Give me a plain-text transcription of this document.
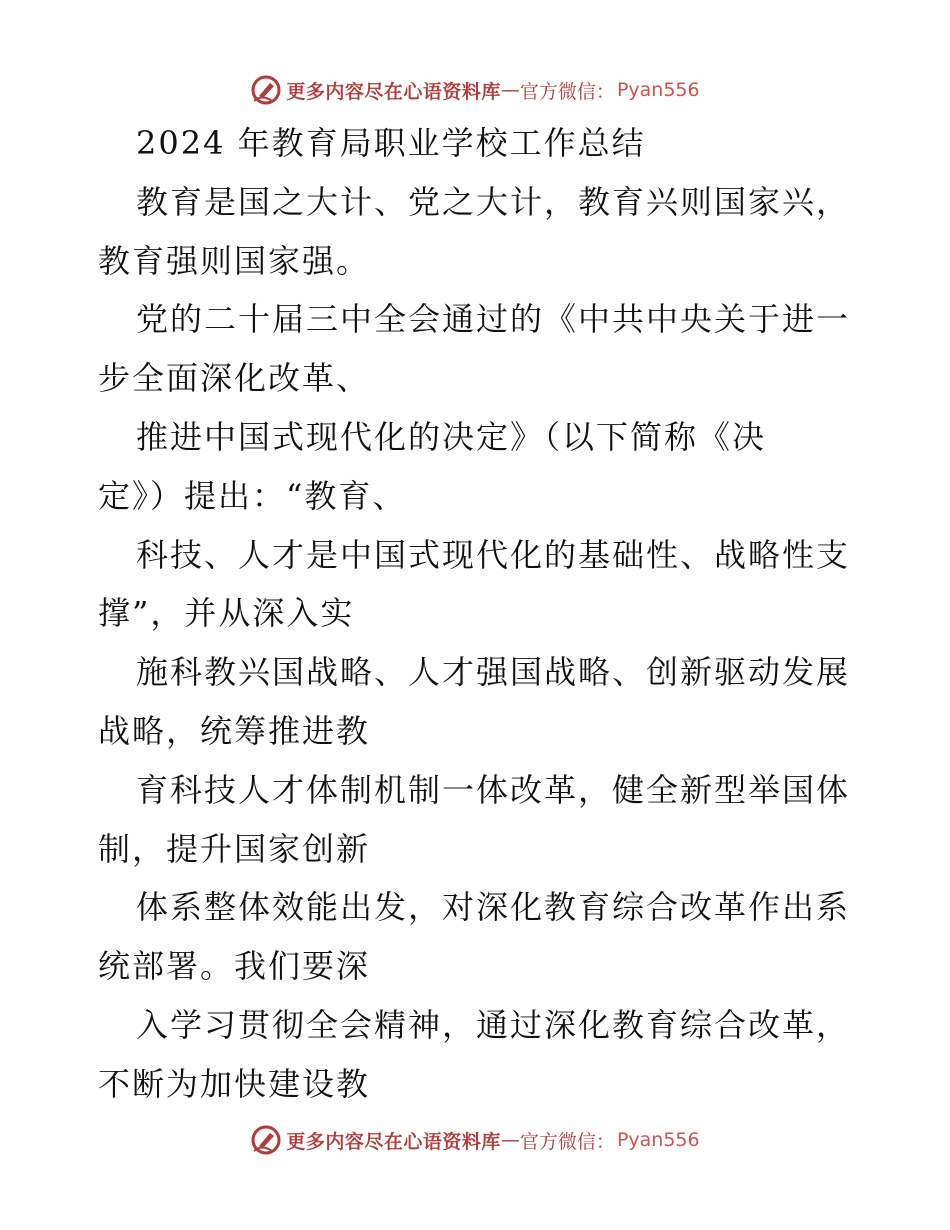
更多内容尽在心语资料库 — 官方微信： Pyan556
2024 年教育局职业学校工作总结
教育是国之大计、党之大计，教育兴则国家兴，
教育强则国家强。
党的二十届三中全会通过的《中共中央关于进一
步全面深化改革、
推进中国式现代化的决定》（以下简称《决
定》）提出：“教育、
科技、人才是中国式现代化的基础性、战略性支
撑”，并从深入实
施科教兴国战略、人才强国战略、创新驱动发展
战略，统筹推进教
育科技人才体制机制一体改革，健全新型举国体
制，提升国家创新
体系整体效能出发，对深化教育综合改革作出系
统部署。我们要深
入学习贯彻全会精神，通过深化教育综合改革，
不断为加快建设教
更多内容尽在心语资料库 — 官方微信： Pyan556
